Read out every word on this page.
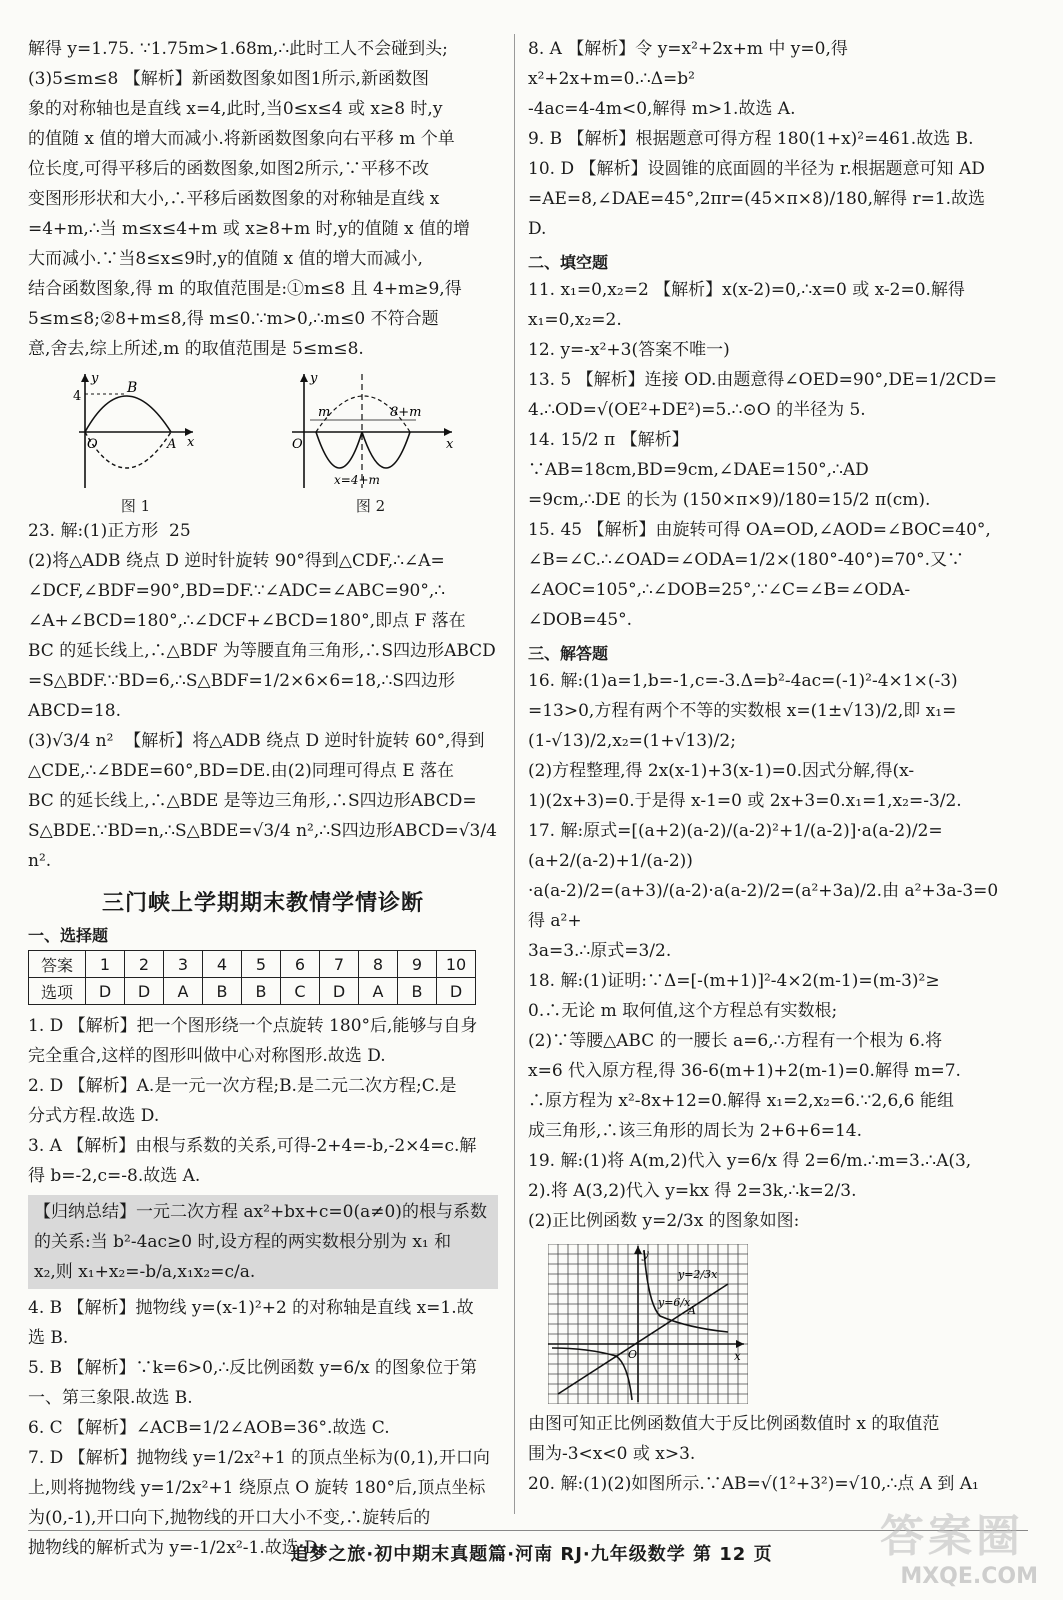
解得 y=1.75. ∵1.75m>1.68m,∴此时工人不会碰到头;

(3)5≤m≤8 【解析】新函数图象如图1所示,新函数图

象的对称轴也是直线 x=4,此时,当0≤x≤4 或 x≥8 时,y

的值随 x 值的增大而减小.将新函数图象向右平移 m 个单

位长度,可得平移后的函数图象,如图2所示,∵平移不改

变图形形状和大小,∴平移后函数图象的对称轴是直线 x

=4+m,∴当 m≤x≤4+m 或 x≥8+m 时,y的值随 x 值的增

大而减小.∵当8≤x≤9时,y的值随 x 值的增大而减小,

结合函数图象,得 m 的取值范围是:①m≤8 且 4+m≥9,得

5≤m≤8;②8+m≤8,得 m≤0.∵m>0,∴m≤0 不符合题

意,舍去,综上所述,m 的取值范围是 5≤m≤8.

y
B
4
O	A x
图 1
y
O
m	8+m
x
x=4+m
图 2

23. 解:(1)正方形  25

(2)将△ADB 绕点 D 逆时针旋转 90°得到△CDF,∴∠A=

∠DCF,∠BDF=90°,BD=DF.∵∠ADC=∠ABC=90°,∴

∠A+∠BCD=180°,∴∠DCF+∠BCD=180°,即点 F 落在

BC 的延长线上,∴△BDF 为等腰直角三角形,∴S四边形ABCD

=S△BDF.∵BD=6,∴S△BDF=1/2×6×6=18,∴S四边形ABCD=18.

(3)√3/4 n²  【解析】将△ADB 绕点 D 逆时针旋转 60°,得到

△CDE,∴∠BDE=60°,BD=DE.由(2)同理可得点 E 落在

BC 的延长线上,∴△BDE 是等边三角形,∴S四边形ABCD=

S△BDE.∵BD=n,∴S△BDE=√3/4 n²,∴S四边形ABCD=√3/4 n².

三门峡上学期期末教情学情诊断
一、选择题
答案	1	2	3	4	5	6	7	8	9	10
选项	D	D	A	B	B	C	D	A	B	D

1. D 【解析】把一个图形绕一个点旋转 180°后,能够与自身

完全重合,这样的图形叫做中心对称图形.故选 D.

2. D 【解析】A.是一元一次方程;B.是二元二次方程;C.是

分式方程.故选 D.

3. A 【解析】由根与系数的关系,可得-2+4=-b,-2×4=c.解

得 b=-2,c=-8.故选 A.

【归纳总结】一元二次方程 ax²+bx+c=0(a≠0)的根与系数

的关系:当 b²-4ac≥0 时,设方程的两实数根分别为 x₁ 和

x₂,则 x₁+x₂=-b/a,x₁x₂=c/a.

4. B 【解析】抛物线 y=(x-1)²+2 的对称轴是直线 x=1.故

选 B.

5. B 【解析】∵k=6>0,∴反比例函数 y=6/x 的图象位于第

一、第三象限.故选 B.

6. C 【解析】∠ACB=1/2∠AOB=36°.故选 C.

7. D 【解析】抛物线 y=1/2x²+1 的顶点坐标为(0,1),开口向

上,则将抛物线 y=1/2x²+1 绕原点 O 旋转 180°后,顶点坐标

为(0,-1),开口向下,抛物线的开口大小不变,∴旋转后的

抛物线的解析式为 y=-1/2x²-1.故选 D.

8. A 【解析】令 y=x²+2x+m 中 y=0,得 x²+2x+m=0.∴Δ=b²

-4ac=4-4m<0,解得 m>1.故选 A.

9. B 【解析】根据题意可得方程 180(1+x)²=461.故选 B.

10. D 【解析】设圆锥的底面圆的半径为 r.根据题意可知 AD

=AE=8,∠DAE=45°,2πr=(45×π×8)/180,解得 r=1.故选 D.

二、填空题

11. x₁=0,x₂=2 【解析】x(x-2)=0,∴x=0 或 x-2=0.解得

x₁=0,x₂=2.

12. y=-x²+3(答案不唯一)

13. 5 【解析】连接 OD.由题意得∠OED=90°,DE=1/2CD=

4.∴OD=√(OE²+DE²)=5.∴⊙O 的半径为 5.

14. 15/2 π 【解析】∵AB=18cm,BD=9cm,∠DAE=150°,∴AD

=9cm,∴DE 的长为 (150×π×9)/180=15/2 π(cm).

15. 45 【解析】由旋转可得 OA=OD,∠AOD=∠BOC=40°,

∠B=∠C.∴∠OAD=∠ODA=1/2×(180°-40°)=70°.又∵

∠AOC=105°,∴∠DOB=25°,∵∠C=∠B=∠ODA-

∠DOB=45°.

三、解答题

16. 解:(1)a=1,b=-1,c=-3.Δ=b²-4ac=(-1)²-4×1×(-3)

=13>0,方程有两个不等的实数根 x=(1±√13)/2,即 x₁=

(1-√13)/2,x₂=(1+√13)/2;

(2)方程整理,得 2x(x-1)+3(x-1)=0.因式分解,得(x-

1)(2x+3)=0.于是得 x-1=0 或 2x+3=0.x₁=1,x₂=-3/2.

17. 解:原式=[(a+2)(a-2)/(a-2)²+1/(a-2)]·a(a-2)/2=(a+2/(a-2)+1/(a-2))

·a(a-2)/2=(a+3)/(a-2)·a(a-2)/2=(a²+3a)/2.由 a²+3a-3=0 得 a²+

3a=3.∴原式=3/2.

18. 解:(1)证明:∵Δ=[-(m+1)]²-4×2(m-1)=(m-3)²≥

0.∴无论 m 取何值,这个方程总有实数根;

(2)∵等腰△ABC 的一腰长 a=6,∴方程有一个根为 6.将

x=6 代入原方程,得 36-6(m+1)+2(m-1)=0.解得 m=7.

∴原方程为 x²-8x+12=0.解得 x₁=2,x₂=6.∵2,6,6 能组

成三角形,∴该三角形的周长为 2+6+6=14.

19. 解:(1)将 A(m,2)代入 y=6/x 得 2=6/m.∴m=3.∴A(3,

2).将 A(3,2)代入 y=kx 得 2=3k,∴k=2/3.

(2)正比例函数 y=2/3x 的图象如图:

y
x
O
y=2/3x
y=6/x
A

由图可知正比例函数值大于反比例函数值时 x 的取值范

围为-3<x<0 或 x>3.

20. 解:(1)(2)如图所示.∵AB=√(1²+3²)=√10,∴点 A 到 A₁

追梦之旅·初中期末真题篇·河南 RJ·九年级数学 第 12 页	答案圈
MXQE.COM
